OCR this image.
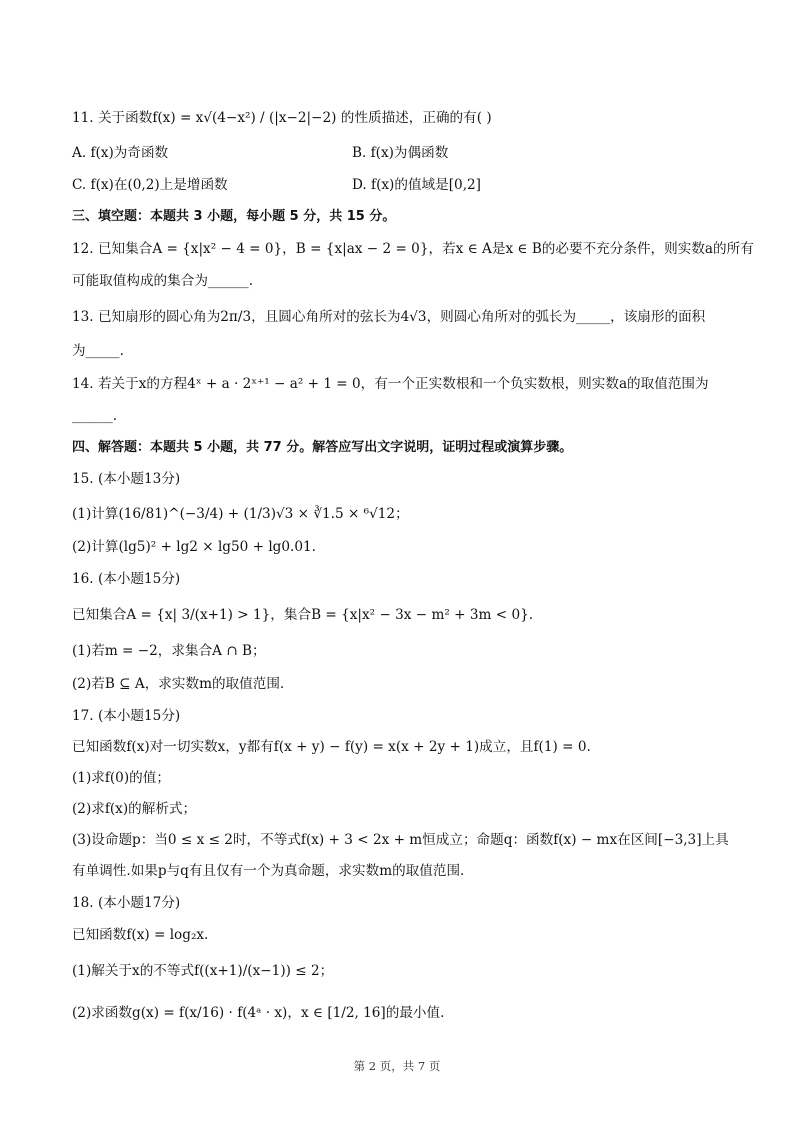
11. 关于函数f(x) = x√(4−x²) / (|x−2|−2) 的性质描述，正确的有( )
A. f(x)为奇函数	B. f(x)为偶函数
C. f(x)在(0,2)上是增函数	D. f(x)的值域是[0,2]
三、填空题：本题共 3 小题，每小题 5 分，共 15 分。
12. 已知集合A = {x|x² − 4 = 0}，B = {x|ax − 2 = 0}，若x ∈ A是x ∈ B的必要不充分条件，则实数a的所有
可能取值构成的集合为______.
13. 已知扇形的圆心角为2π/3，且圆心角所对的弦长为4√3，则圆心角所对的弧长为_____，该扇形的面积
为_____.
14. 若关于x的方程4ˣ + a · 2ˣ⁺¹ − a² + 1 = 0，有一个正实数根和一个负实数根，则实数a的取值范围为
______.
四、解答题：本题共 5 小题，共 77 分。解答应写出文字说明，证明过程或演算步骤。
15. (本小题13分)
(1)计算(16/81)^(−3/4) + (1/3)√3 × ∛1.5 × ⁶√12；
(2)计算(lg5)² + lg2 × lg50 + lg0.01.
16. (本小题15分)
已知集合A = {x| 3/(x+1) > 1}，集合B = {x|x² − 3x − m² + 3m < 0}.
(1)若m = −2，求集合A ∩ B；
(2)若B ⊆ A，求实数m的取值范围.
17. (本小题15分)
已知函数f(x)对一切实数x，y都有f(x + y) − f(y) = x(x + 2y + 1)成立，且f(1) = 0.
(1)求f(0)的值；
(2)求f(x)的解析式；
(3)设命题p：当0 ≤ x ≤ 2时，不等式f(x) + 3 < 2x + m恒成立；命题q：函数f(x) − mx在区间[−3,3]上具
有单调性.如果p与q有且仅有一个为真命题，求实数m的取值范围.
18. (本小题17分)
已知函数f(x) = log₂x.
(1)解关于x的不等式f((x+1)/(x−1)) ≤ 2；
(2)求函数g(x) = f(x/16) · f(4ᵃ · x)，x ∈ [1/2, 16]的最小值.
第 2 页，共 7 页
